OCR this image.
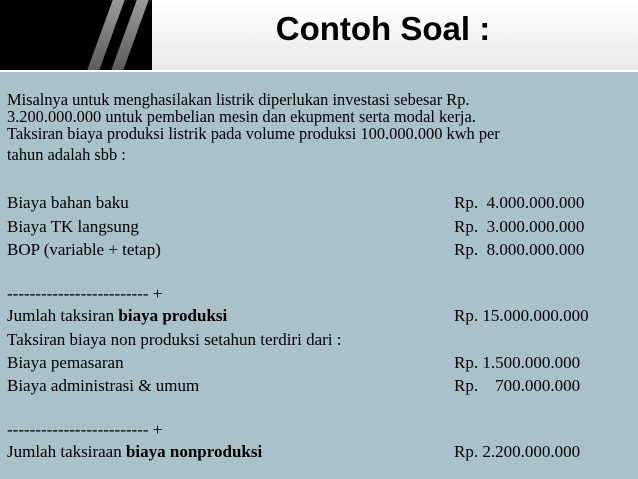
Contoh Soal :
Misalnya untuk menghasilakan listrik diperlukan investasi sebesar Rp.
3.200.000.000 untuk pembelian mesin dan ekupment serta modal kerja.
Taksiran biaya produksi listrik pada volume produksi 100.000.000 kwh per
tahun adalah sbb :
Biaya bahan baku	Rp.  4.000.000.000
Biaya TK langsung	Rp.  3.000.000.000
BOP (variable + tetap)	Rp.  8.000.000.000
------------------------- +
Jumlah taksiran biaya produksi	Rp. 15.000.000.000
Taksiran biaya non produksi setahun terdiri dari :
Biaya pemasaran	Rp. 1.500.000.000
Biaya administrasi & umum	Rp.    700.000.000
------------------------- +
Jumlah taksiraan biaya nonproduksi	Rp. 2.200.000.000
